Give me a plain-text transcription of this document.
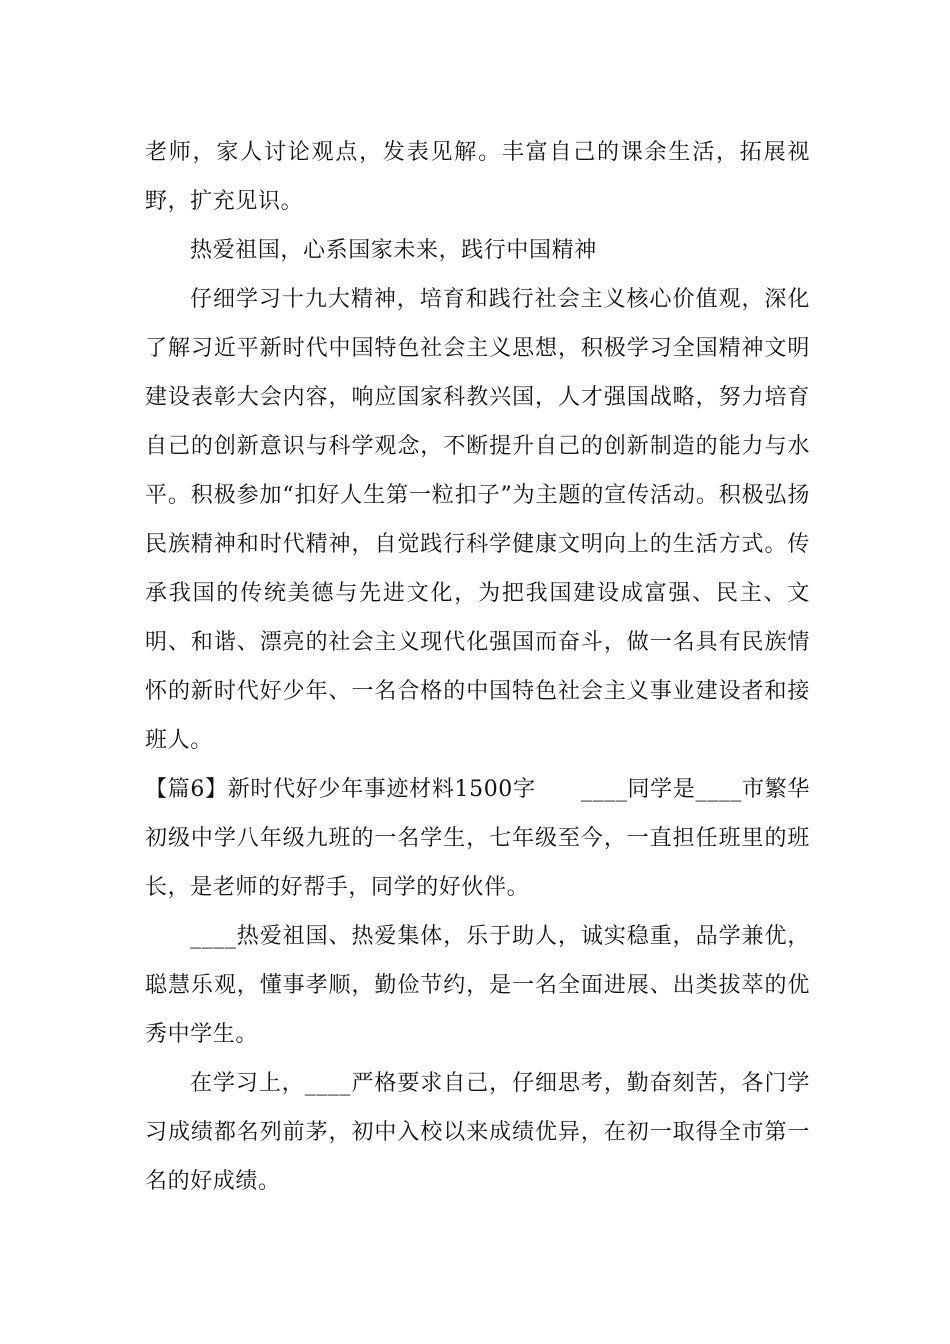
老师，家人讨论观点，发表见解。丰富自己的课余生活，拓展视野，扩充见识。

热爱祖国，心系国家未来，践行中国精神

仔细学习十九大精神，培育和践行社会主义核心价值观，深化了解习近平新时代中国特色社会主义思想，积极学习全国精神文明建设表彰大会内容，响应国家科教兴国，人才强国战略，努力培育自己的创新意识与科学观念，不断提升自己的创新制造的能力与水平。积极参加“扣好人生第一粒扣子”为主题的宣传活动。积极弘扬民族精神和时代精神，自觉践行科学健康文明向上的生活方式。传承我国的传统美德与先进文化，为把我国建设成富强、民主、文明、和谐、漂亮的社会主义现代化强国而奋斗，做一名具有民族情怀的新时代好少年、一名合格的中国特色社会主义事业建设者和接班人。

【篇6】新时代好少年事迹材料1500字　　____同学是____市繁华初级中学八年级九班的一名学生，七年级至今，一直担任班里的班长，是老师的好帮手，同学的好伙伴。

____热爱祖国、热爱集体，乐于助人，诚实稳重，品学兼优，聪慧乐观，懂事孝顺，勤俭节约，是一名全面进展、出类拔萃的优秀中学生。

在学习上，____严格要求自己，仔细思考，勤奋刻苦，各门学习成绩都名列前茅，初中入校以来成绩优异，在初一取得全市第一名的好成绩。
